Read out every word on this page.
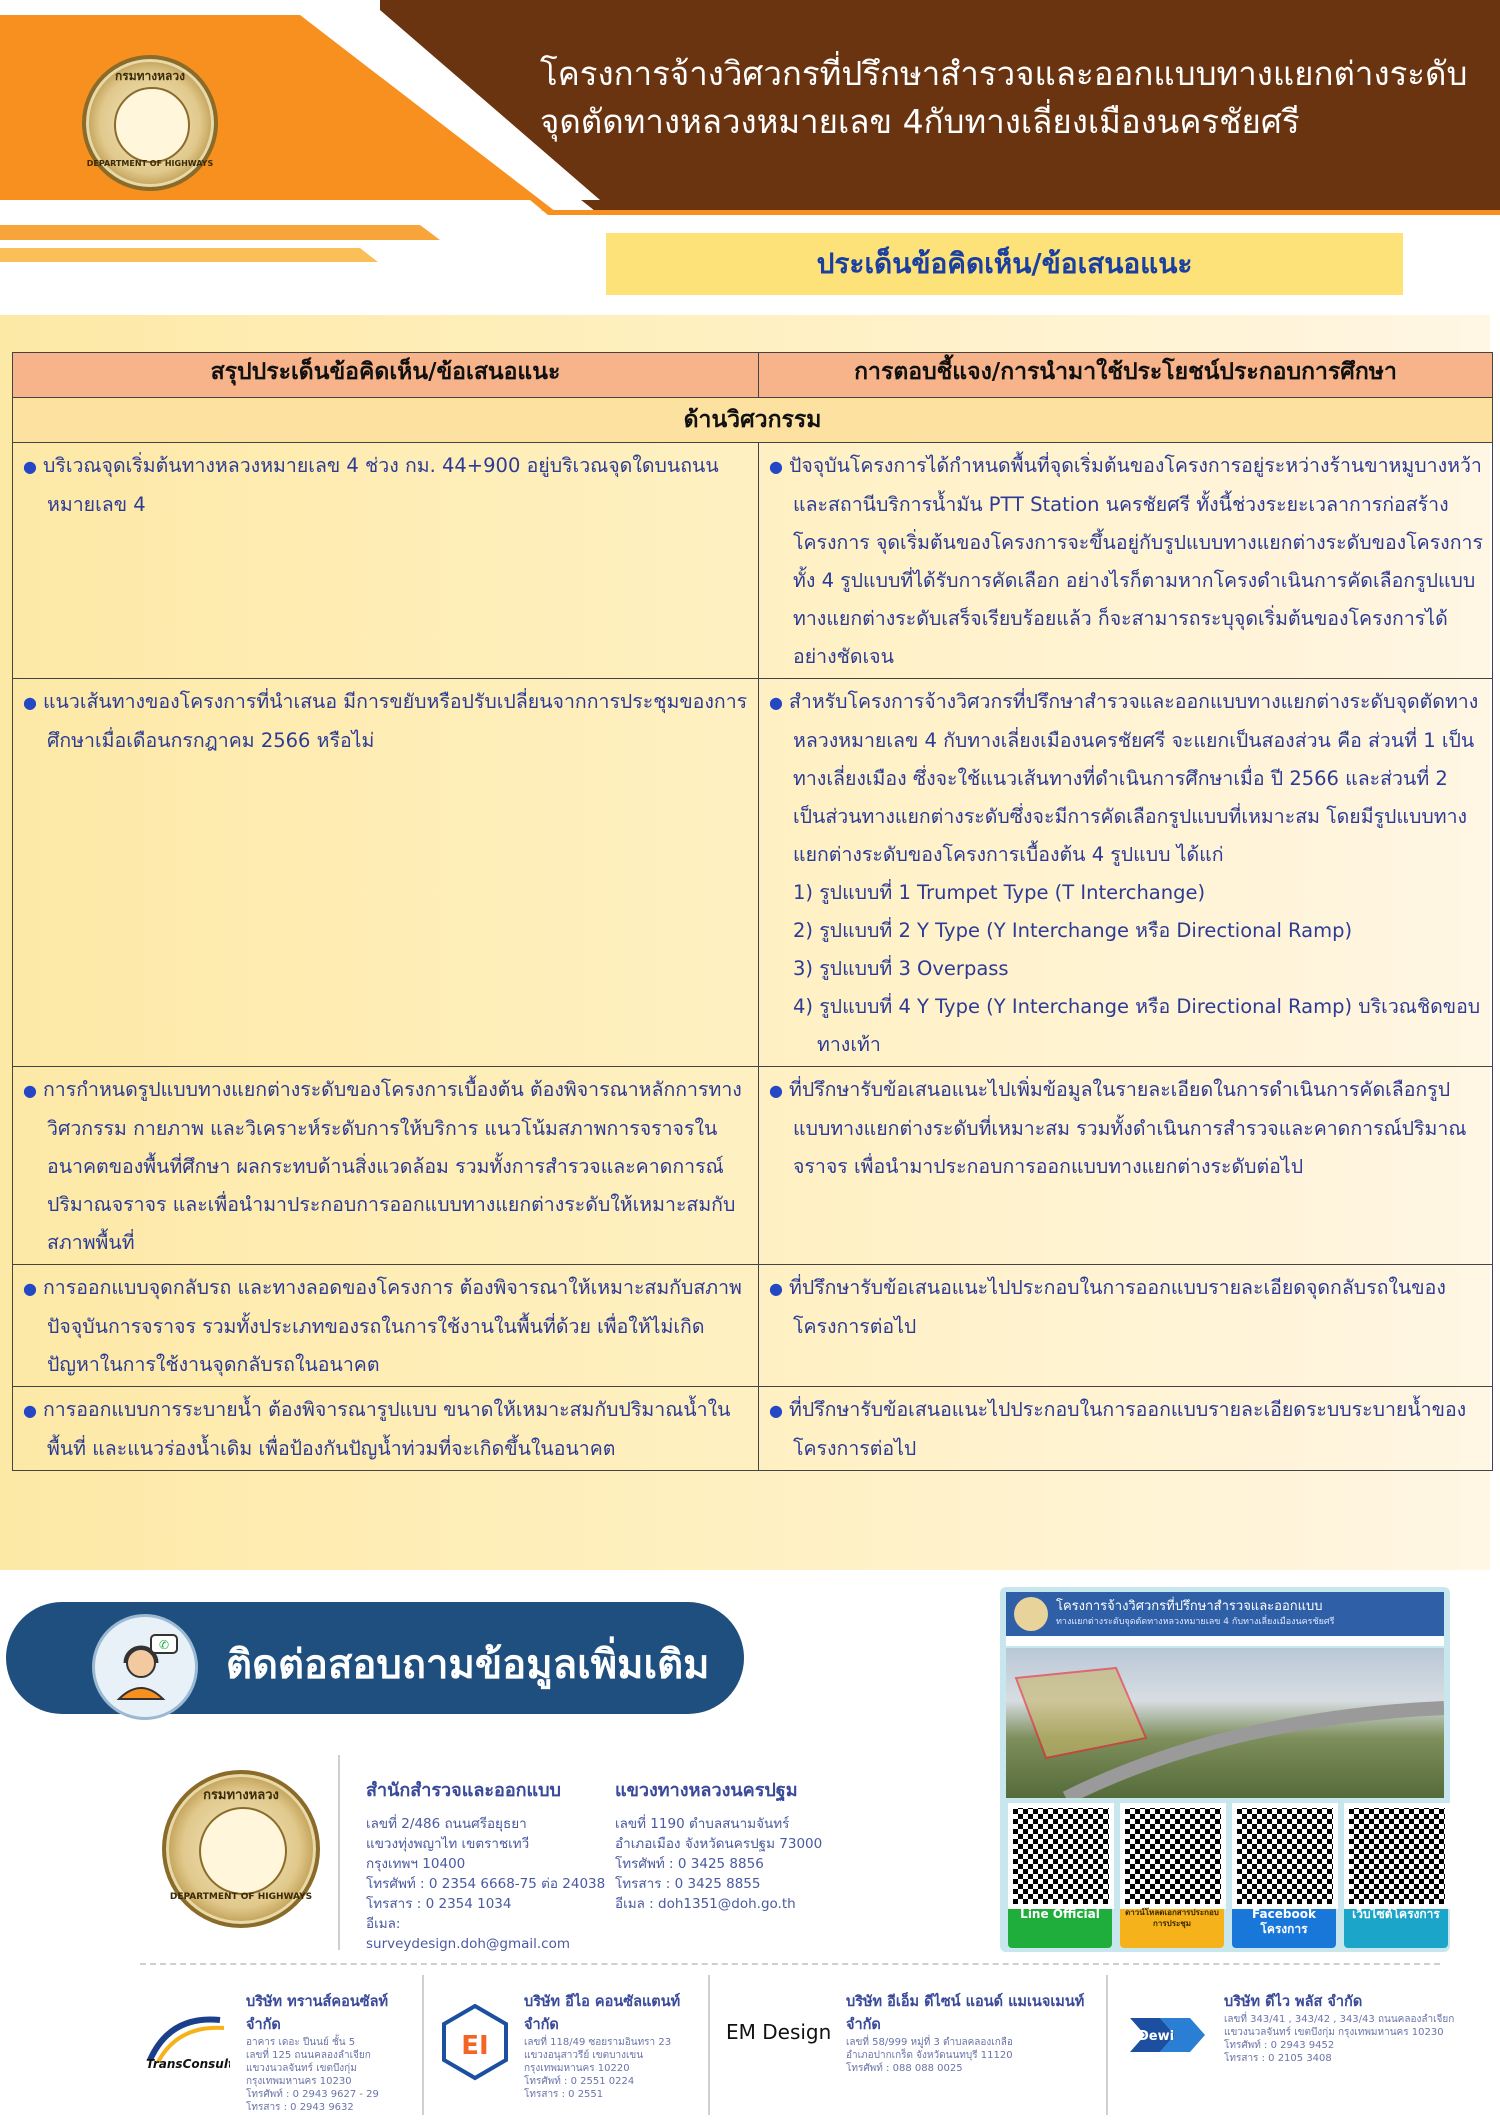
กรมทางหลวง
DEPARTMENT OF HIGHWAYS
โครงการจ้างวิศวกรที่ปรึกษาสำรวจและออกแบบทางแยกต่างระดับ
จุดตัดทางหลวงหมายเลข 4กับทางเลี่ยงเมืองนครชัยศรี
ประเด็นข้อคิดเห็น/ข้อเสนอแนะ
สรุปประเด็นข้อคิดเห็น/ข้อเสนอแนะ	การตอบชี้แจง/การนำมาใช้ประโยชน์ประกอบการศึกษา
ด้านวิศวกรรม	

● บริเวณจุดเริ่มต้นทางหลวงหมายเลข 4 ช่วง กม. 44+900 อยู่บริเวณจุดใดบนถนนหมายเลข 4	● ปัจจุบันโครงการได้กำหนดพื้นที่จุดเริ่มต้นของโครงการอยู่ระหว่างร้านขาหมูบางหว้าและสถานีบริการน้ำมัน PTT Station นครชัยศรี ทั้งนี้ช่วงระยะเวลาการก่อสร้างโครงการ จุดเริ่มต้นของโครงการจะขึ้นอยู่กับรูปแบบทางแยกต่างระดับของโครงการทั้ง 4 รูปแบบที่ได้รับการคัดเลือก อย่างไรก็ตามหากโครงดำเนินการคัดเลือกรูปแบบทางแยกต่างระดับเสร็จเรียบร้อยแล้ว ก็จะสามารถระบุจุดเริ่มต้นของโครงการได้อย่างชัดเจน

● แนวเส้นทางของโครงการที่นำเสนอ มีการขยับหรือปรับเปลี่ยนจากการประชุมของการศึกษาเมื่อเดือนกรกฎาคม 2566 หรือไม่	● สำหรับโครงการจ้างวิศวกรที่ปรึกษาสำรวจและออกแบบทางแยกต่างระดับจุดตัดทางหลวงหมายเลข 4 กับทางเลี่ยงเมืองนครชัยศรี จะแยกเป็นสองส่วน คือ ส่วนที่ 1 เป็นทางเลี่ยงเมือง ซึ่งจะใช้แนวเส้นทางที่ดำเนินการศึกษาเมื่อ ปี 2566 และส่วนที่ 2 เป็นส่วนทางแยกต่างระดับซึ่งจะมีการคัดเลือกรูปแบบที่เหมาะสม โดยมีรูปแบบทางแยกต่างระดับของโครงการเบื้องต้น 4 รูปแบบ ได้แก่
1) รูปแบบที่ 1 Trumpet Type (T Interchange)
2) รูปแบบที่ 2 Y Type (Y Interchange หรือ Directional Ramp)
3) รูปแบบที่ 3 Overpass
4) รูปแบบที่ 4 Y Type (Y Interchange หรือ Directional Ramp) บริเวณชิดขอบทางเท้า

● การกำหนดรูปแบบทางแยกต่างระดับของโครงการเบื้องต้น ต้องพิจารณาหลักการทางวิศวกรรม กายภาพ และวิเคราะห์ระดับการให้บริการ แนวโน้มสภาพการจราจรในอนาคตของพื้นที่ศึกษา ผลกระทบด้านสิ่งแวดล้อม รวมทั้งการสำรวจและคาดการณ์ปริมาณจราจร และเพื่อนำมาประกอบการออกแบบทางแยกต่างระดับให้เหมาะสมกับสภาพพื้นที่	● ที่ปรึกษารับข้อเสนอแนะไปเพิ่มข้อมูลในรายละเอียดในการดำเนินการคัดเลือกรูปแบบทางแยกต่างระดับที่เหมาะสม รวมทั้งดำเนินการสำรวจและคาดการณ์ปริมาณจราจร เพื่อนำมาประกอบการออกแบบทางแยกต่างระดับต่อไป

● การออกแบบจุดกลับรถ และทางลอดของโครงการ ต้องพิจารณาให้เหมาะสมกับสภาพปัจจุบันการจราจร รวมทั้งประเภทของรถในการใช้งานในพื้นที่ด้วย เพื่อให้ไม่เกิดปัญหาในการใช้งานจุดกลับรถในอนาคต	● ที่ปรึกษารับข้อเสนอแนะไปประกอบในการออกแบบรายละเอียดจุดกลับรถในของโครงการต่อไป

● การออกแบบการระบายน้ำ ต้องพิจารณารูปแบบ ขนาดให้เหมาะสมกับปริมาณน้ำในพื้นที่ และแนวร่องน้ำเดิม เพื่อป้องกันปัญน้ำท่วมที่จะเกิดขึ้นในอนาคต	● ที่ปรึกษารับข้อเสนอแนะไปประกอบในการออกแบบรายละเอียดระบบระบายน้ำของโครงการต่อไป
✆ ติดต่อสอบถามข้อมูลเพิ่มเติม
กรมทางหลวง
DEPARTMENT OF HIGHWAYS
สำนักสำรวจและออกแบบ
เลขที่ 2/486 ถนนศรีอยุธยา
แขวงทุ่งพญาไท เขตราชเทวี
กรุงเทพฯ 10400
โทรศัพท์ : 0 2354 6668-75 ต่อ 24038
โทรสาร : 0 2354 1034
อีเมล: surveydesign.doh@gmail.com
แขวงทางหลวงนครปฐม
เลขที่ 1190 ตำบลสนามจันทร์
อำเภอเมือง จังหวัดนครปฐม 73000
โทรศัพท์ : 0 3425 8856
โทรสาร : 0 3425 8855
อีเมล : doh1351@doh.go.th
โครงการจ้างวิศวกรที่ปรึกษาสำรวจและออกแบบ
ทางแยกต่างระดับจุดตัดทางหลวงหมายเลข 4 กับทางเลี่ยงเมืองนครชัยศรี
Line Official	ดาวน์โหลดเอกสารประกอบการประชุม
Facebook โครงการ
เว็บไซต์โครงการ
TransConsult
บริษัท ทรานส์คอนซัลท์ จำกัด
อาคาร เดอะ ปีนนย์ ชั้น 5
เลขที่ 125 ถนนคลองลำเจียก
แขวงนวลจันทร์ เขตบึงกุ่ม
กรุงเทพมหานคร 10230
โทรศัพท์ : 0 2943 9627 - 29
โทรสาร : 0 2943 9632
EI
บริษัท อีไอ คอนซัลแตนท์ จำกัด
เลขที่ 118/49 ซอยรามอินทรา 23
แขวงอนุสาวรีย์ เขตบางเขน
กรุงเทพมหานคร 10220
โทรศัพท์ : 0 2551 0224
โทรสาร : 0 2551
EM Design
บริษัท อีเอ็ม ดีไซน์ แอนด์ แมเนจเมนท์ จำกัด
เลขที่ 58/999 หมู่ที่ 3 ตำบลคลองเกลือ
อำเภอปากเกร็ด จังหวัดนนทบุรี 11120
โทรศัพท์ : 088 088 0025
Dewi
บริษัท ดีไว พลัส จำกัด
เลขที่ 343/41 , 343/42 , 343/43 ถนนคลองลำเจียก
แขวงนวลจันทร์ เขตบึงกุ่ม กรุงเทพมหานคร 10230
โทรศัพท์ : 0 2943 9452
โทรสาร : 0 2105 3408
